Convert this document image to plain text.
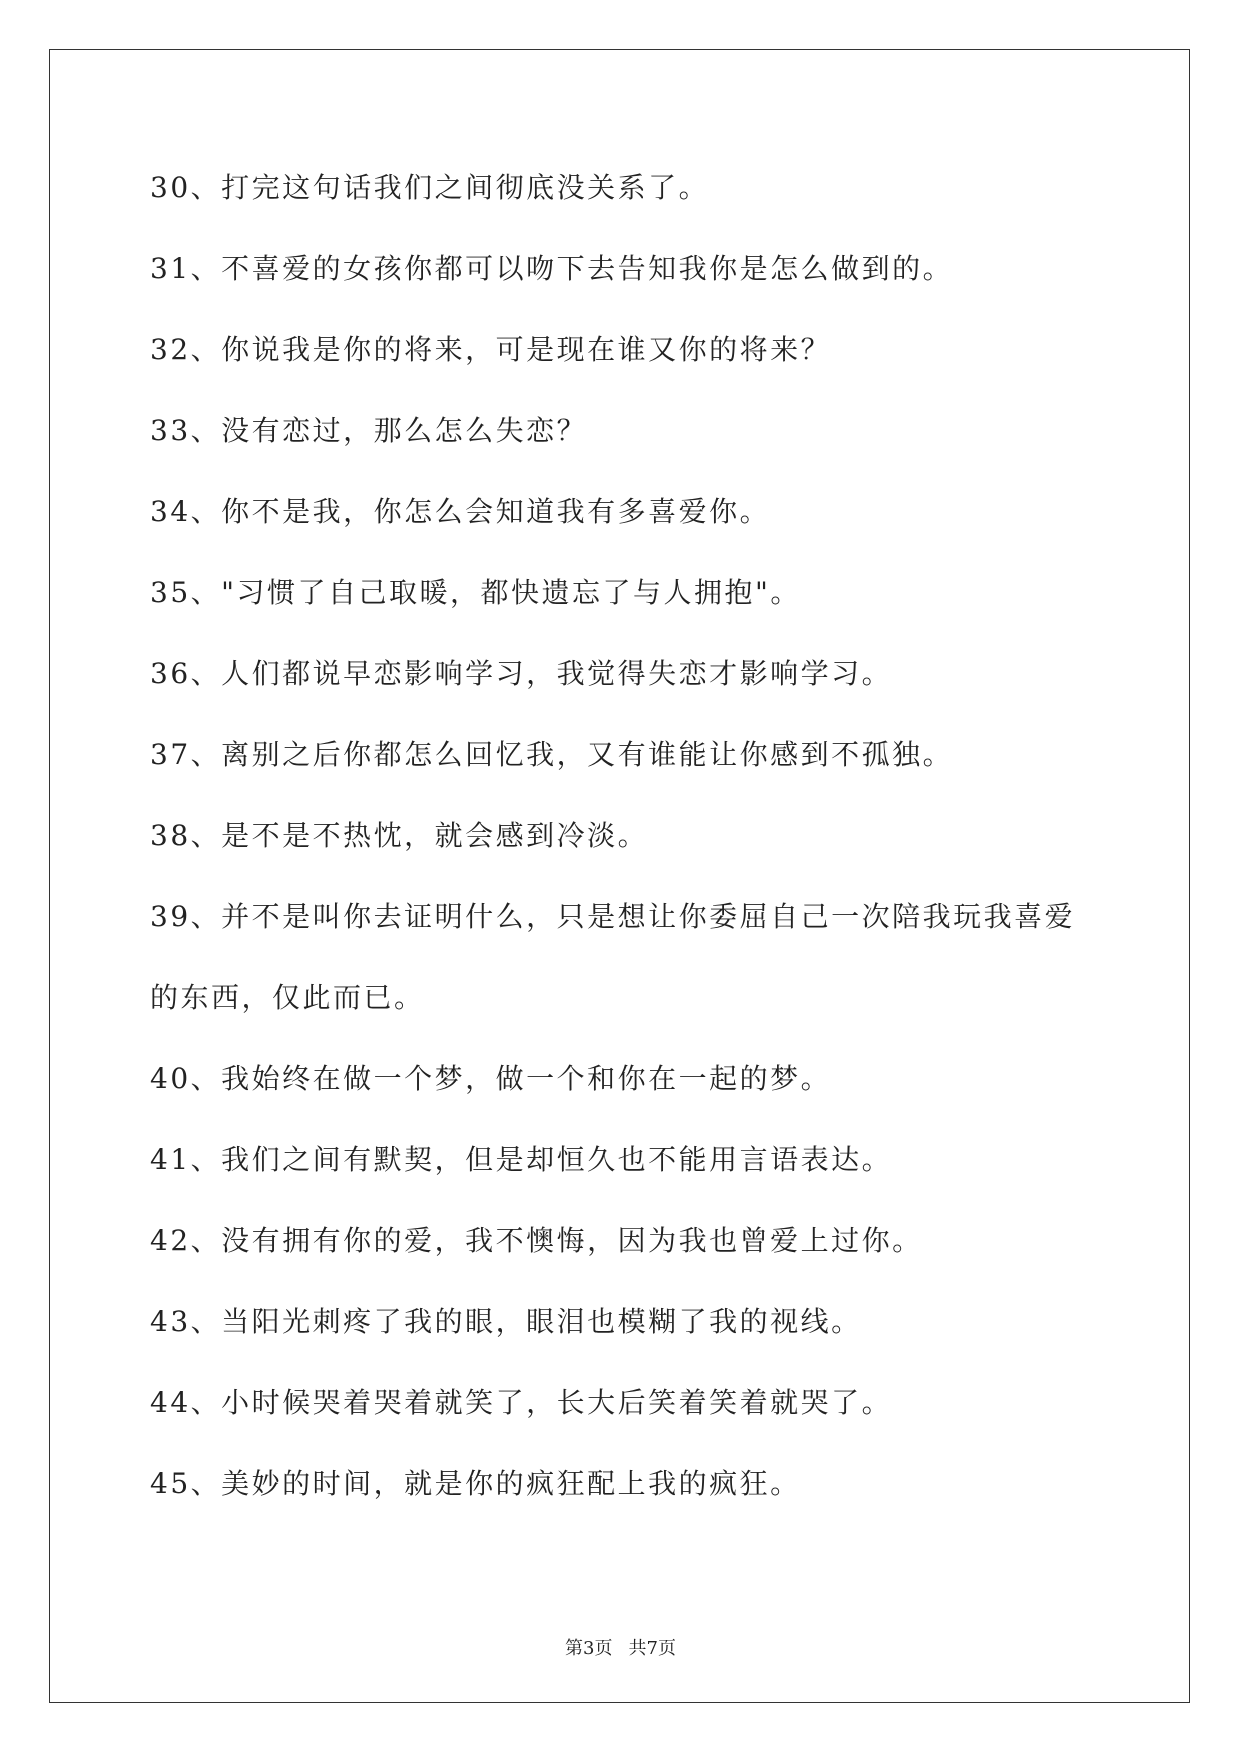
30、打完这句话我们之间彻底没关系了。
31、不喜爱的女孩你都可以吻下去告知我你是怎么做到的。
32、你说我是你的将来，可是现在谁又你的将来？
33、没有恋过，那么怎么失恋？
34、你不是我，你怎么会知道我有多喜爱你。
35、"习惯了自己取暖，都快遗忘了与人拥抱"。
36、人们都说早恋影响学习，我觉得失恋才影响学习。
37、离别之后你都怎么回忆我，又有谁能让你感到不孤独。
38、是不是不热忱，就会感到冷淡。
39、并不是叫你去证明什么，只是想让你委屈自己一次陪我玩我喜爱
的东西，仅此而已。
40、我始终在做一个梦，做一个和你在一起的梦。
41、我们之间有默契，但是却恒久也不能用言语表达。
42、没有拥有你的爱，我不懊悔，因为我也曾爱上过你。
43、当阳光刺疼了我的眼，眼泪也模糊了我的视线。
44、小时候哭着哭着就笑了，长大后笑着笑着就哭了。
45、美妙的时间，就是你的疯狂配上我的疯狂。
第3页 共7页
